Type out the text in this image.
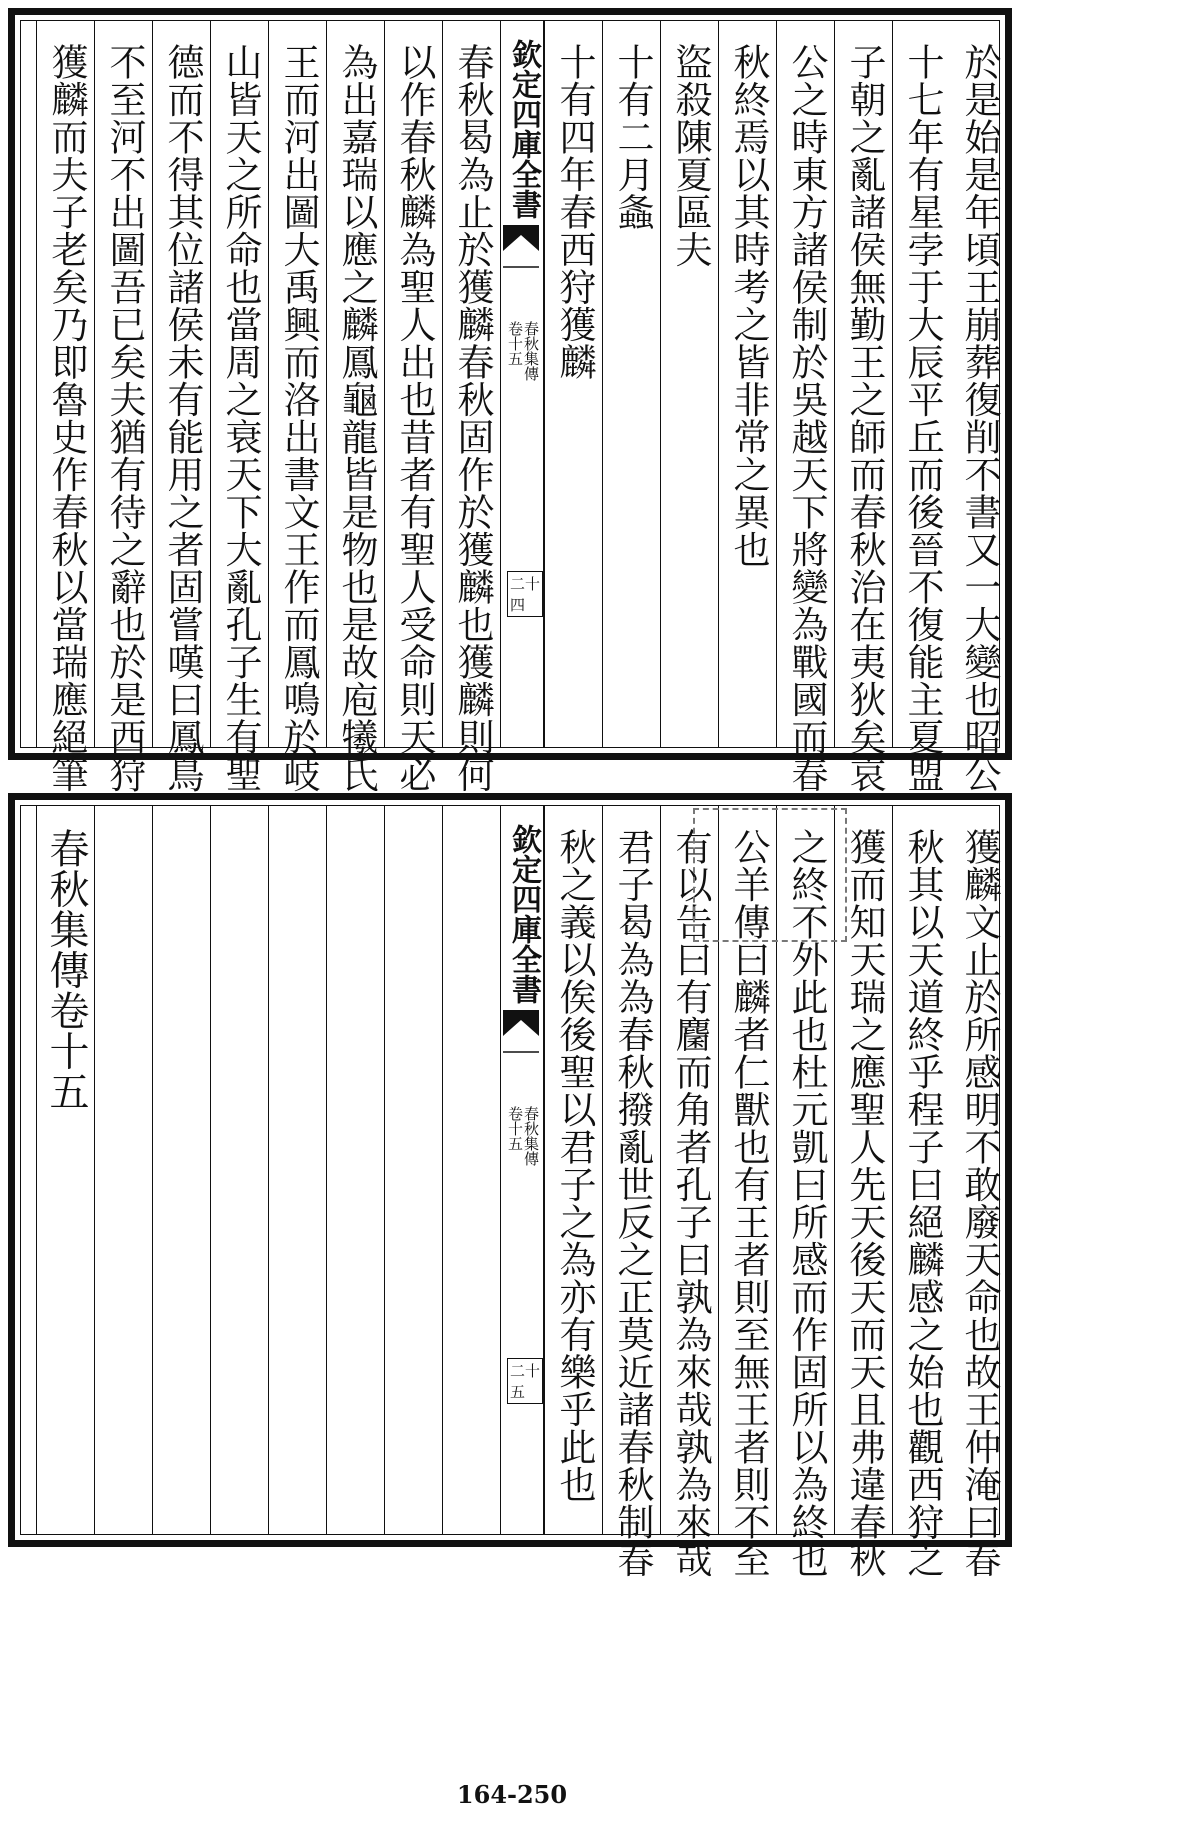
於是始是年頃王崩葬復削不書又一大變也昭公
十七年有星孛于大辰平丘而後晉不復能主夏盟
子朝之亂諸侯無勤王之師而春秋治在夷狄矣哀
公之時東方諸侯制於吳越天下將變為戰國而春
秋終焉以其時考之皆非常之異也
盜殺陳夏區夫
十有二月螽
十有四年春西狩獲麟
欽定四庫全書
春秋集傳
卷十五
二十四
春秋曷為止於獲麟春秋固作於獲麟也獲麟則何
以作春秋麟為聖人出也昔者有聖人受命則天必
為出嘉瑞以應之麟鳳龜龍皆是物也是故庖犧氏
王而河出圖大禹興而洛出書文王作而鳳鳴於岐
山皆天之所命也當周之衰天下大亂孔子生有聖
德而不得其位諸侯未有能用之者固嘗嘆曰鳳鳥
不至河不出圖吾已矣夫猶有待之辭也於是西狩
獲麟而夫子老矣乃即魯史作春秋以當瑞應絕筆
獲麟文止於所感明不敢廢天命也故王仲淹曰春
秋其以天道終乎程子曰絕麟感之始也觀西狩之
獲而知天瑞之應聖人先天後天而天且弗違春秋
之終不外此也杜元凱曰所感而作固所以為終也
公羊傳曰麟者仁獸也有王者則至無王者則不至
有以告曰有麕而角者孔子曰孰為來哉孰為來哉
君子曷為為春秋撥亂世反之正莫近諸春秋制春
秋之義以俟後聖以君子之為亦有樂乎此也
欽定四庫全書
春秋集傳
卷十五
二十五
春秋集傳卷十五
164-250
